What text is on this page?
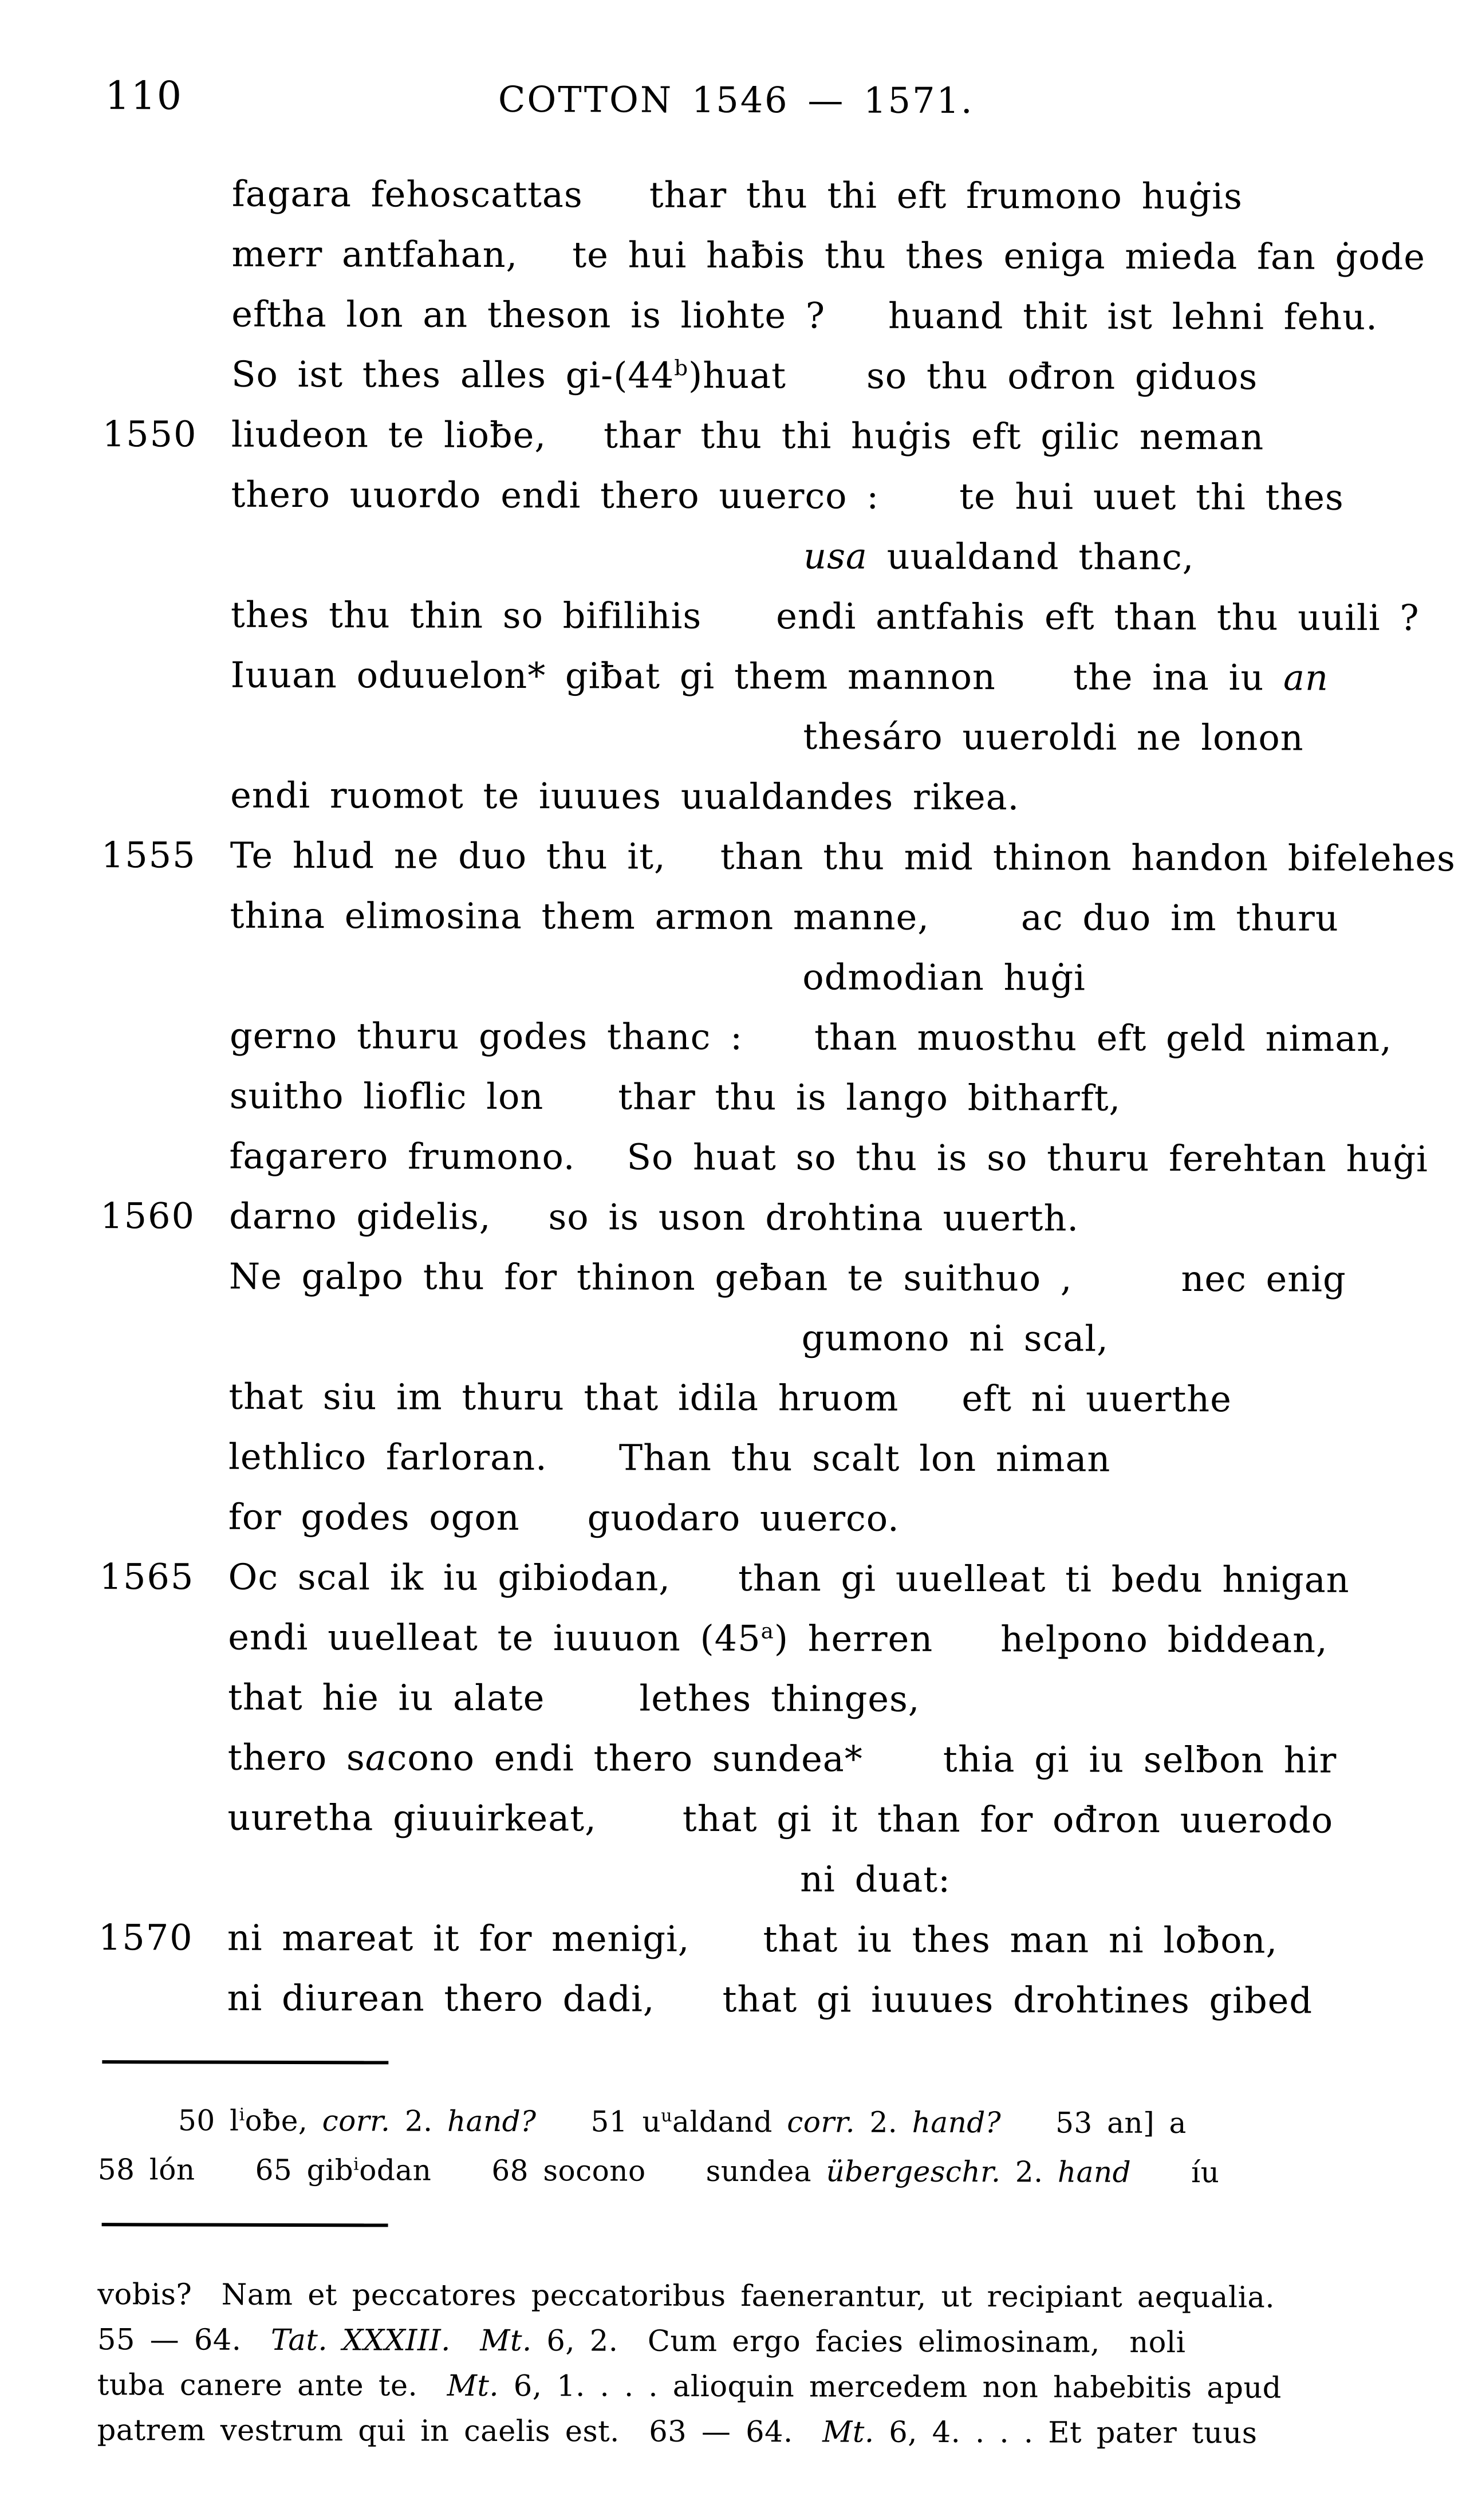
110	COTTON 1546 — 1571.
fagara fehoscattas thar thu thi eft frumono huġis
merr antfahan, te hui haƀis thu thes eniga mieda fan ġode
eftha lon an theson is liohte ? huand thit ist lehni fehu.
So ist thes alles gi-(44$^b$)huat so thu ođron giduos
1550 liudeon te lioƀe, thar thu thi huġis eft gilic neman
thero uuordo endi thero uuerco : te hui uuet thi thes
usa uualdand thanc,
thes thu thin so bifilihis endi antfahis eft than thu uuili ?
Iuuan oduuelon* giƀat gi them mannon the ina iu an
thesáro uueroldi ne lonon
endi ruomot te iuuues uualdandes rikea.
1555 Te hlud ne duo thu it, than thu mid thinon handon bifelehes
thina elimosina them armon manne,	ac duo im thuru
odmodian huġi
gerno thuru godes thanc : than muosthu eft geld niman,
suitho lioflic lon thar thu is lango bitharft,
fagarero frumono. So huat so thu is so thuru ferehtan huġi
1560 darno gidelis, so is uson drohtina uuerth.
Ne galpo thu for thinon geƀan te suithuo ,	nec enig
gumono ni scal,
that siu im thuru that idila hruom eft ni uuerthe
lethlico farloran. Than thu scalt lon niman
for godes ogon guodaro uuerco.
1565 Oc scal ik iu gibiodan, than gi uuelleat ti bedu hnigan
endi uuelleat te iuuuon (45$^a$) herren helpono biddean,
that hie iu alate	lethes thinges,
thero sacono endi thero sundea* thia gi iu selƀon hir
uuretha giuuirkeat, that gi it than for ođron uuerodo
ni duat:
1570 ni mareat it for menigi, that iu thes man ni loƀon,
ni diurean thero dadi, that gi iuuues drohtines gibed
50 $l^ioƀe$, corr. 2. hand? 51 $u^ualdand$ corr. 2. hand? 53 an] a
58 lón 65 gib$^i$odan 68 socono sundea übergeschr. 2. hand íu
vobis?  Nam et peccatores peccatoribus faenerantur, ut recipiant aequalia.
55 — 64.  Tat. XXXIII. Mt. 6, 2.  Cum ergo facies elimosinam,  noli
tuba canere ante te.  Mt. 6, 1. . . . alioquin mercedem non habebitis apud
patrem vestrum qui in caelis est.  63 — 64.  Mt. 6, 4. . . . Et pater tuus
